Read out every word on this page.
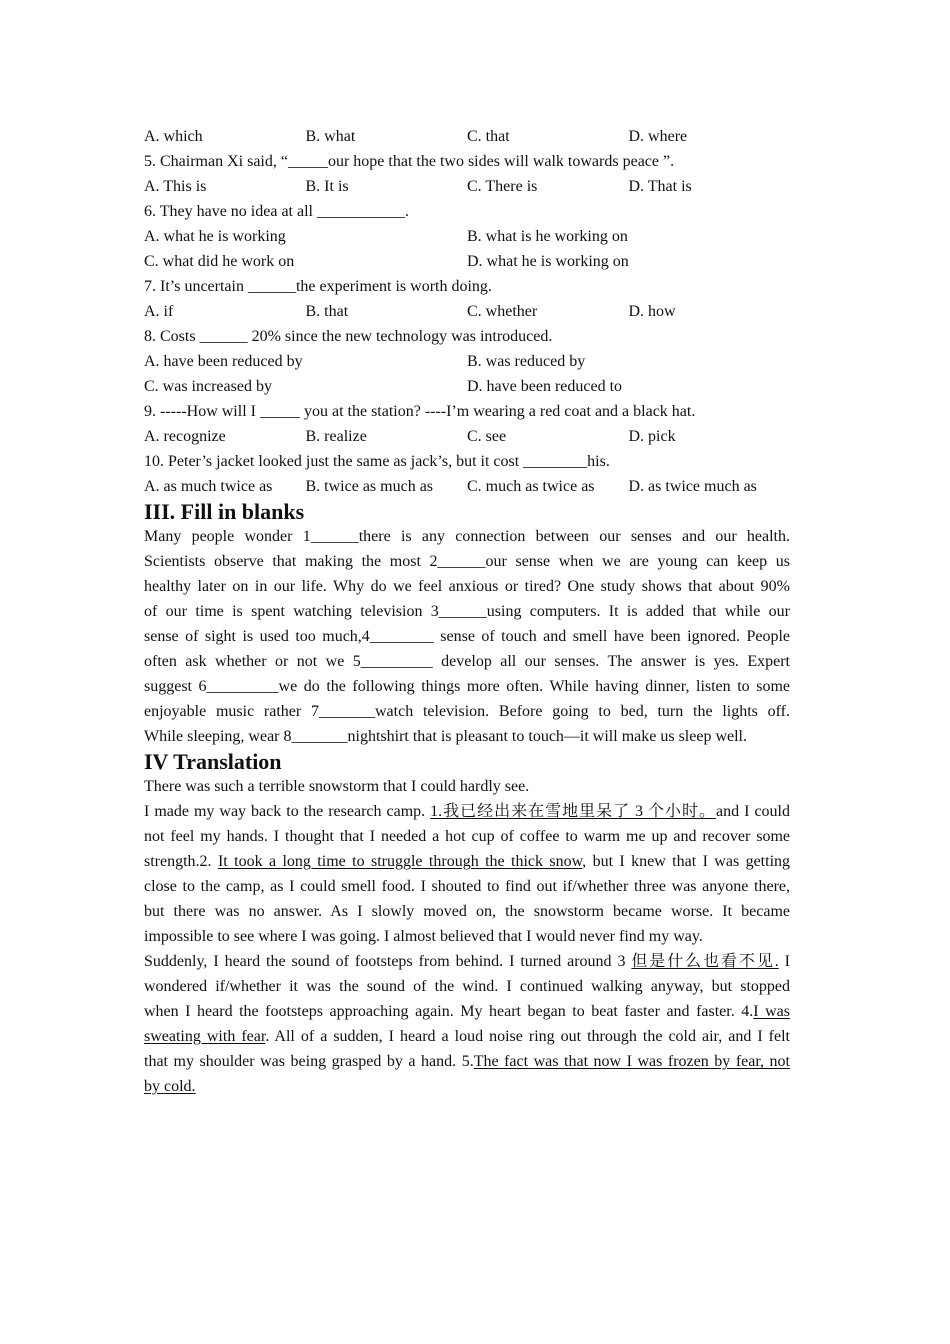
A. which	B. what	C. that	D. where
5. Chairman Xi said, “_____our hope that the two sides will walk towards peace ”.
A. This is	B. It is	C. There is	D. That is
6. They have no idea at all ___________.
A. what he is working	B. what is he working on
C. what did he work on	D. what he is working on
7. It’s uncertain ______the experiment is worth doing.
A. if	B. that	C. whether	D. how
8. Costs ______ 20% since the new technology was introduced.
A. have been reduced by	B. was reduced by
C. was increased by	D. have been reduced to
9. -----How will I _____ you at the station? ----I’m wearing a red coat and a black hat.
A. recognize	B. realize	C. see	D. pick
10. Peter’s jacket looked just the same as jack’s, but it cost ________his.
A. as much twice as	B. twice as much as	C. much as twice as	D. as twice much as
III. Fill in blanks
Many people wonder 1______there is any connection between our senses and our health.
Scientists observe that making the most 2______our sense when we are young can keep us
healthy later on in our life. Why do we feel anxious or tired? One study shows that about 90%
of our time is spent watching television 3______using computers. It is added that while our
sense of sight is used too much,4________ sense of touch and smell have been ignored. People
often ask whether or not we 5_________ develop all our senses. The answer is yes. Expert
suggest 6_________we do the following things more often. While having dinner, listen to some
enjoyable music rather 7_______watch television. Before going to bed, turn the lights off.
While sleeping, wear 8_______nightshirt that is pleasant to touch—it will make us sleep well.
IV Translation
There was such a terrible snowstorm that I could hardly see.
I made my way back to the research camp. 1.我已经出来在雪地里呆了 3 个小时。and I could
not feel my hands. I thought that I needed a hot cup of coffee to warm me up and recover some
strength.2. It took a long time to struggle through the thick snow, but I knew that I was getting
close to the camp, as I could smell food. I shouted to find out if/whether three was anyone there,
but there was no answer. As I slowly moved on, the snowstorm became worse. It became
impossible to see where I was going. I almost believed that I would never find my way.
Suddenly, I heard the sound of footsteps from behind. I turned around 3 但是什么也看不见. I
wondered if/whether it was the sound of the wind. I continued walking anyway, but stopped
when I heard the footsteps approaching again. My heart began to beat faster and faster. 4.I was
sweating with fear. All of a sudden, I heard a loud noise ring out through the cold air, and I felt
that my shoulder was being grasped by a hand. 5.The fact was that now I was frozen by fear, not
by cold.
